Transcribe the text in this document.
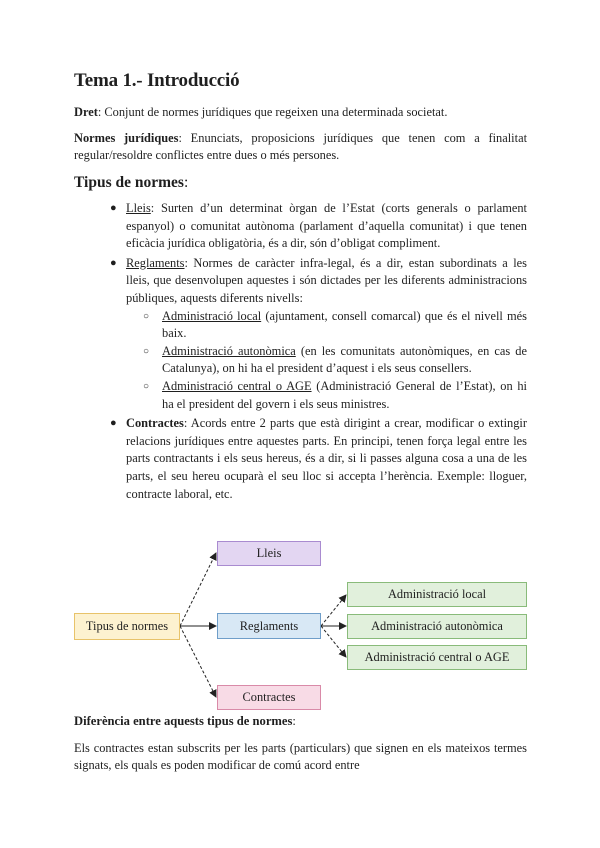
Tema 1.- Introducció

Dret: Conjunt de normes jurídiques que regeixen una determinada societat.

Normes jurídiques: Enunciats, proposicions jurídiques que tenen com a finalitat regular/resoldre conflictes entre dues o més persones.

Tipus de normes:
● Lleis: Surten d’un determinat òrgan de l’Estat (corts generals o parlament espanyol) o comunitat autònoma (parlament d’aquella comunitat) i que tenen eficàcia jurídica obligatòria, és a dir, són d’obligat compliment.
● Reglaments: Normes de caràcter infra-legal, és a dir, estan subordinats a les lleis, que desenvolupen aquestes i són dictades per les diferents administracions públiques, aquests diferents nivells:
○ Administració local (ajuntament, consell comarcal) que és el nivell més baix.
○ Administració autonòmica (en les comunitats autonòmiques, en cas de Catalunya), on hi ha el president d’aquest i els seus consellers.
○ Administració central o AGE (Administració General de l’Estat), on hi ha el president del govern i els seus ministres.
● Contractes: Acords entre 2 parts que està dirigint a crear, modificar o extingir relacions jurídiques entre aquestes parts. En principi, tenen força legal entre les parts contractants i els seus hereus, és a dir, si li passes alguna cosa a una de les parts, el seu hereu ocuparà el seu lloc si accepta l’herència. Exemple: lloguer, contracte laboral, etc.
Tipus de normes
Lleis
Reglaments
Contractes
Administració local
Administració autonòmica
Administració central o AGE
Diferència entre aquests tipus de normes:

Els contractes estan subscrits per les parts (particulars) que signen en els mateixos termes signats, els quals es poden modificar de comú acord entre
